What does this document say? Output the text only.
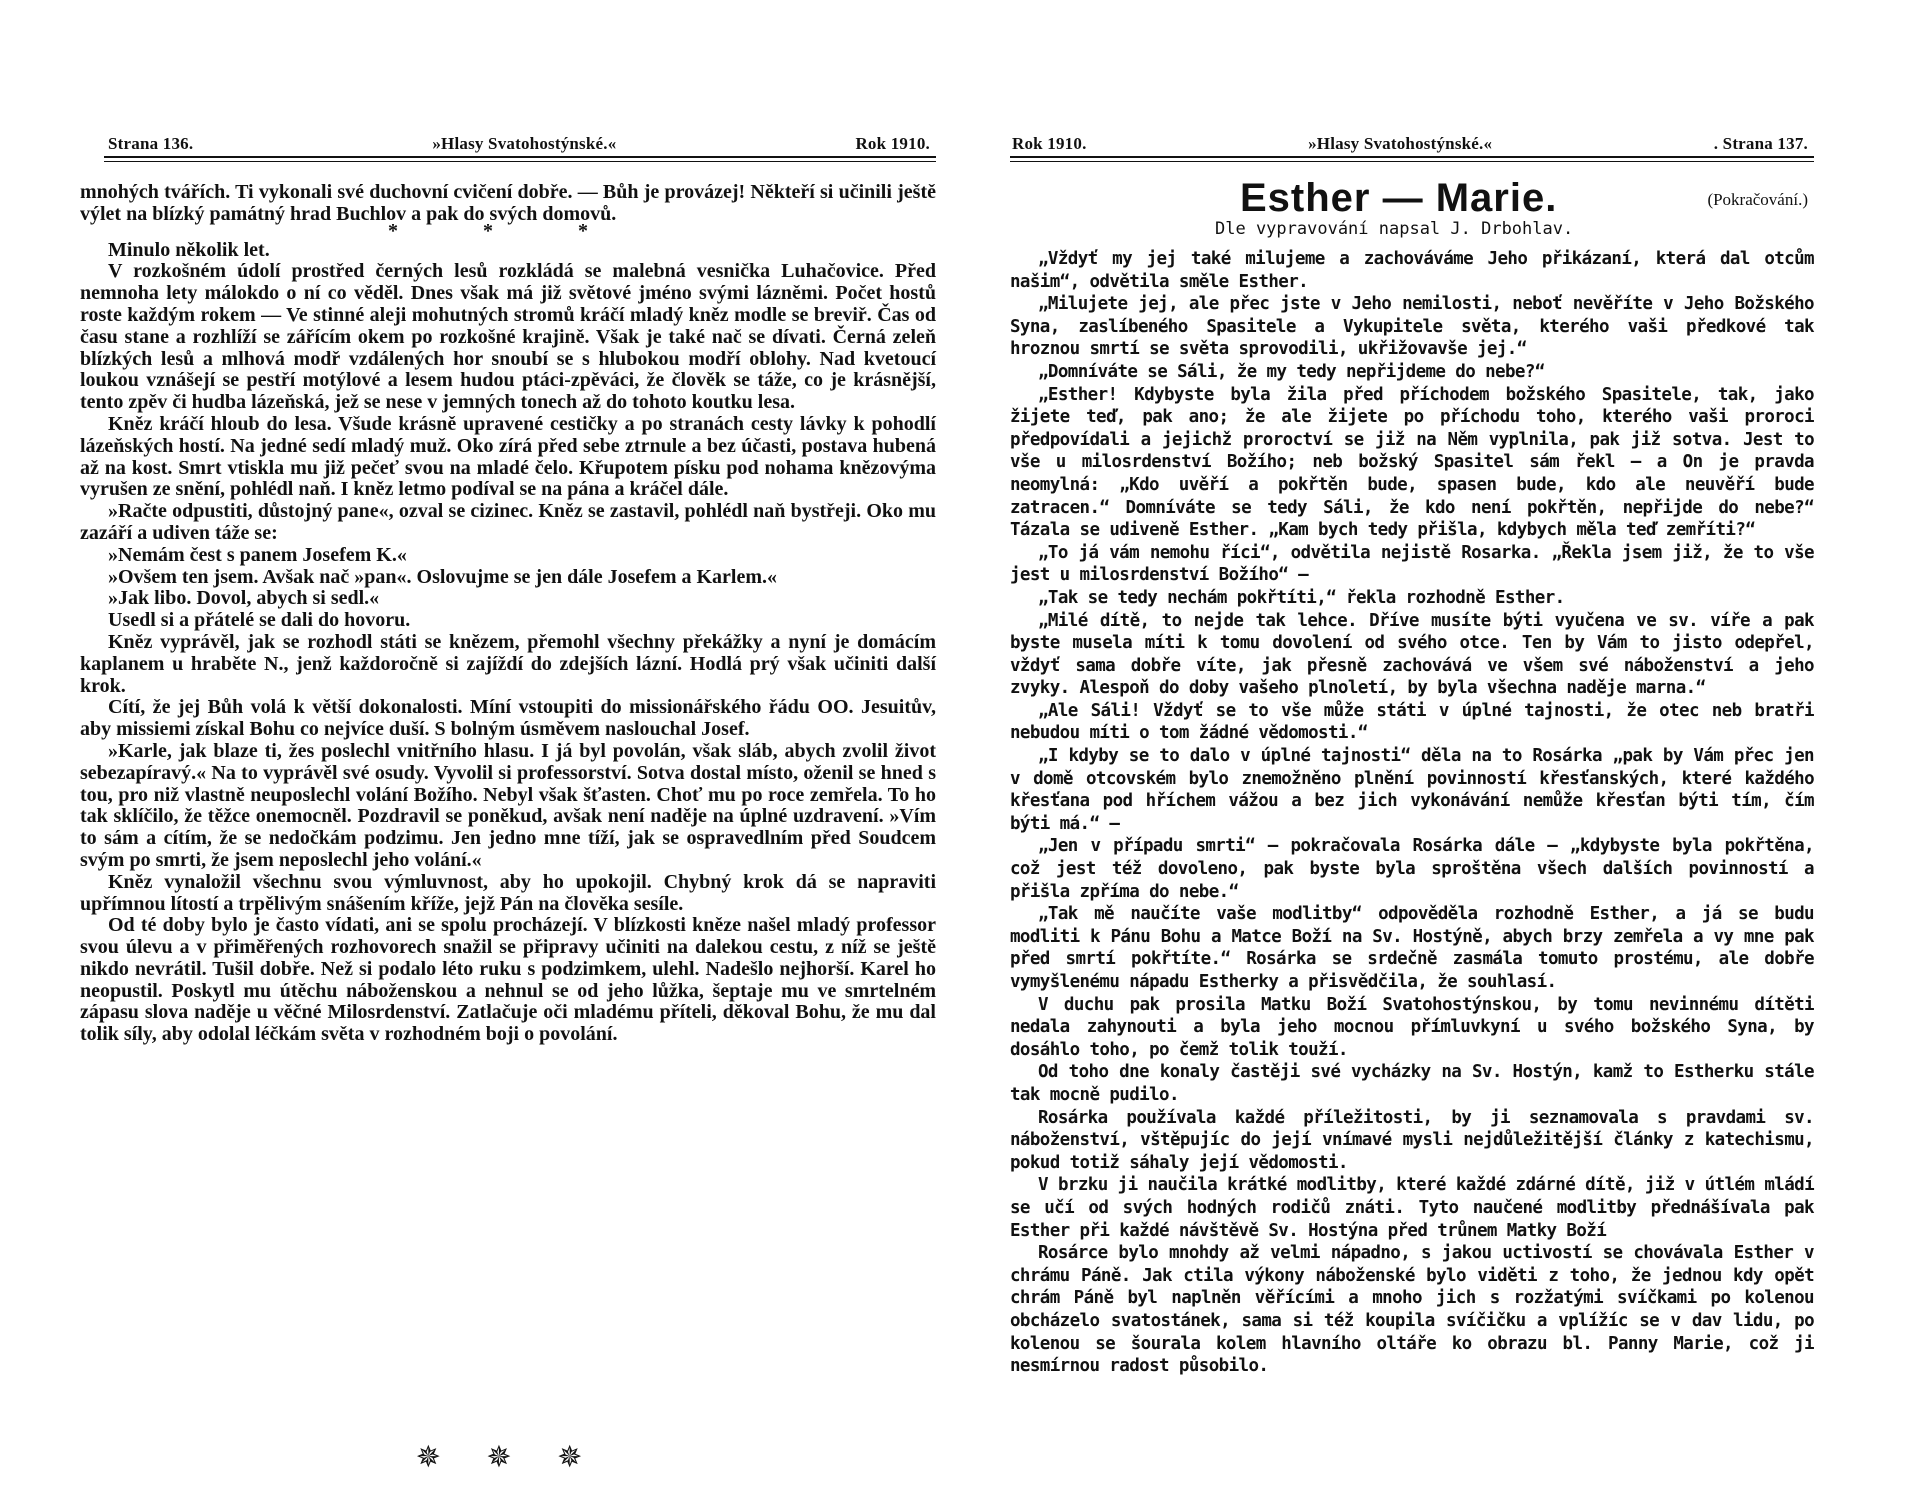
Strana 136.	»Hlasy Svatohostýnské.«	Rok 1910.

mnohých tvářích. Ti vykonali své duchovní cvičení dobře. — Bůh je provázej! Někteří si učinili ještě výlet na blízký památný hrad Buchlov a pak do svých domovů.

* * *

Minulo několik let.

V rozkošném údolí prostřed černých lesů rozkládá se malebná vesnička Luhačovice. Před nemnoha lety málokdo o ní co věděl. Dnes však má již světové jméno svými lázněmi. Počet hostů roste každým rokem — Ve stinné aleji mohutných stromů kráčí mladý kněz modle se breviř. Čas od času stane a rozhlíží se zářícím okem po rozkošné krajině. Však je také nač se dívati. Černá zeleň blízkých lesů a mlhová modř vzdálených hor snoubí se s hlubokou modří oblohy. Nad kvetoucí loukou vznášejí se pestří motýlové a lesem hudou ptáci-zpěváci, že člověk se táže, co je krásnější, tento zpěv či hudba lázeňská, jež se nese v jemných tonech až do tohoto koutku lesa.

Kněz kráčí hloub do lesa. Všude krásně upravené cestičky a po stranách cesty lávky k pohodlí lázeňských hostí. Na jedné sedí mladý muž. Oko zírá před sebe ztrnule a bez účasti, postava hubená až na kost. Smrt vtiskla mu již pečeť svou na mladé čelo. Křupotem písku pod nohama knězovýma vyrušen ze snění, pohlédl naň. I kněz letmo podíval se na pána a kráčel dále.

»Račte odpustiti, důstojný pane«, ozval se cizinec. Kněz se zastavil, pohlédl naň bystřeji. Oko mu zazáří a udiven táže se:

»Nemám čest s panem Josefem K.«

»Ovšem ten jsem. Avšak nač »pan«. Oslovujme se jen dále Josefem a Karlem.«

»Jak libo. Dovol, abych si sedl.«

Usedl si a přátelé se dali do hovoru.

Kněz vyprávěl, jak se rozhodl státi se knězem, přemohl všechny překážky a nyní je domácím kaplanem u hraběte N., jenž každoročně si zajíždí do zdejších lázní. Hodlá prý však učiniti další krok.

Cítí, že jej Bůh volá k větší dokonalosti. Míní vstoupiti do missionářského řádu OO. Jesuitův, aby missiemi získal Bohu co nejvíce duší. S bolným úsměvem naslouchal Josef.

»Karle, jak blaze ti, žes poslechl vnitřního hlasu. I já byl povolán, však sláb, abych zvolil život sebezapíravý.« Na to vyprávěl své osudy. Vyvolil si professorství. Sotva dostal místo, oženil se hned s tou, pro niž vlastně neuposlechl volání Božího. Nebyl však šťasten. Choť mu po roce zemřela. To ho tak sklíčilo, že těžce onemocněl. Pozdravil se poněkud, avšak není naděje na úplné uzdravení. »Vím to sám a cítím, že se nedočkám podzimu. Jen jedno mne tíží, jak se ospravedlním před Soudcem svým po smrti, že jsem neposlechl jeho volání.«

Kněz vynaložil všechnu svou výmluvnost, aby ho upokojil. Chybný krok dá se napraviti upřímnou lítostí a trpělivým snášením kříže, jejž Pán na člověka sesíle.

Od té doby bylo je často vídati, ani se spolu procházejí. V blízkosti kněze našel mladý professor svou úlevu a v přiměřených rozhovorech snažil se připravy učiniti na dalekou cestu, z níž se ještě nikdo nevrátil. Tušil dobře. Než si podalo léto ruku s podzimkem, ulehl. Nadešlo nejhorší. Karel ho neopustil. Poskytl mu útěchu náboženskou a nehnul se od jehо lůžka, šeptaje mu ve smrtelném zápasu slova naděje u věčné Milosrdenství. Zatlačuje oči mladému příteli, děkoval Bohu, že mu dal tolik síly, aby odolal léčkám světa v rozhodném boji o povolání.

✵ ✵ ✵
Rok 1910.	»Hlasy Svatohostýnské.«	. Strana 137.
Esther — Marie.	(Pokračování.)
Dle vypravování napsal J. Drbohlav.

„Vždyť my jej také milujeme a zachováváme Jeho přikázaní, která dal otcům našim“, odvětila směle Esther.

„Milujete jej, ale přec jste v Jeho nemilosti, neboť nevěříte v Jeho Božského Syna, zaslíbeného Spasitele a Vykupitele světa, kterého vaši předkové tak hroznou smrtí se světa sprovodili, ukřižovavše jej.“

„Domníváte se Sáli, že my tedy nepřijdeme do nebe?“

„Esther! Kdybyste byla žila před příchodem božského Spasitele, tak, jako žijete teď, pak ano; že ale žijete po příchodu toho, kterého vaši proroci předpovídali a jejichž proroctví se již na Něm vyplnila, pak již sotva. Jest to vše u milosrdenství Božího; neb božský Spasitel sám řekl — a On je pravda neomylná: „Kdo uvěří a pokřtěn bude, spasen bude, kdo ale neuvěří bude zatracen.“ Domníváte se tedy Sáli, že kdo není pokřtěn, nepřijde do nebe?“ Tázala se udiveně Esther. „Kam bych tedy přišla, kdybych měla teď zemříti?“

„To já vám nemohu říci“, odvětila nejistě Rosarka. „Řekla jsem již, že to vše jest u milosrdenství Božího“ —

„Tak se tedy nechám pokřtíti,“ řekla rozhodně Esther.

„Milé dítě, to nejde tak lehce. Dříve musíte býti vyučena ve sv. víře a pak byste musela míti k tomu dovolení od svého otce. Ten by Vám to jisto odepřel, vždyť sama dobře víte, jak přesně zachovává ve všem své náboženství a jeho zvyky. Alespoň do doby vašeho plnoletí, by byla všechna naděje marna.“

„Ale Sáli! Vždyť se to vše může státi v úplné tajnosti, že otec neb bratři nebudou míti o tom žádné vědomosti.“

„I kdyby se to dalo v úplné tajnosti“ děla na to Rosárka „pak by Vám přec jen v domě otcovském bylo znemožněno plnění povinností křesťanských, které každého křesťana pod hříchem vážou a bez jich vykonávání nemůže křesťan býti tím, čím býti má.“ —

„Jen v případu smrti“ — pokračovala Rosárka dále — „kdybyste byla pokřtěna, což jest též dovoleno, pak byste byla sproštěna všech dalších povinností a přišla zpříma do nebe.“

„Tak mě naučíte vaše modlitby“ odpověděla rozhodně Esther, a já se budu modliti k Pánu Bohu a Matce Boží na Sv. Hostýně, abych brzy zemřela a vy mne pak před smrtí pokřtíte.“ Rosárka se srdečně zasmála tomuto prostému, ale dobře vymyšlenému nápadu Estherky a přisvědčila, že souhlasí.

V duchu pak prosila Matku Boží Svatohostýnskou, by tomu nevinnému dítěti nedala zahynouti a byla jeho mocnou přímluvkyní u svého božského Syna, by dosáhlo toho, po čemž tolik touží.

Od toho dne konaly častěji své vycházky na Sv. Hostýn, kamž to Estherku stále tak mocně pudilo.

Rosárka používala každé příležitosti, by ji seznamovala s pravdami sv. náboženství, vštěpujíc do její vnímavé mysli nejdůležitější články z katechismu, pokud totiž sáhaly její vědomosti.

V brzku ji naučila krátké modlitby, které každé zdárné dítě, již v útlém mládí se učí od svých hodných rodičů znáti. Tyto naučené modlitby přednášívala pak Esther při každé návštěvě Sv. Hostýna před trůnem Matky Boží

Rosárce bylo mnohdy až velmi nápadno, s jakou uctivostí se chovávala Esther v chrámu Páně. Jak ctila výkony náboženské bylo viděti z toho, že jednou kdy opět chrám Páně byl naplněn věřícími a mnoho jich s rozžatými svíčkami po kolenou obcházelo svatostánek, sama si též koupila svíčičku a vplížíc se v dav lidu, po kolenou se šourala kolem hlavního oltáře ko obrazu bl. Panny Marie, což ji nesmírnou radost působilo.
